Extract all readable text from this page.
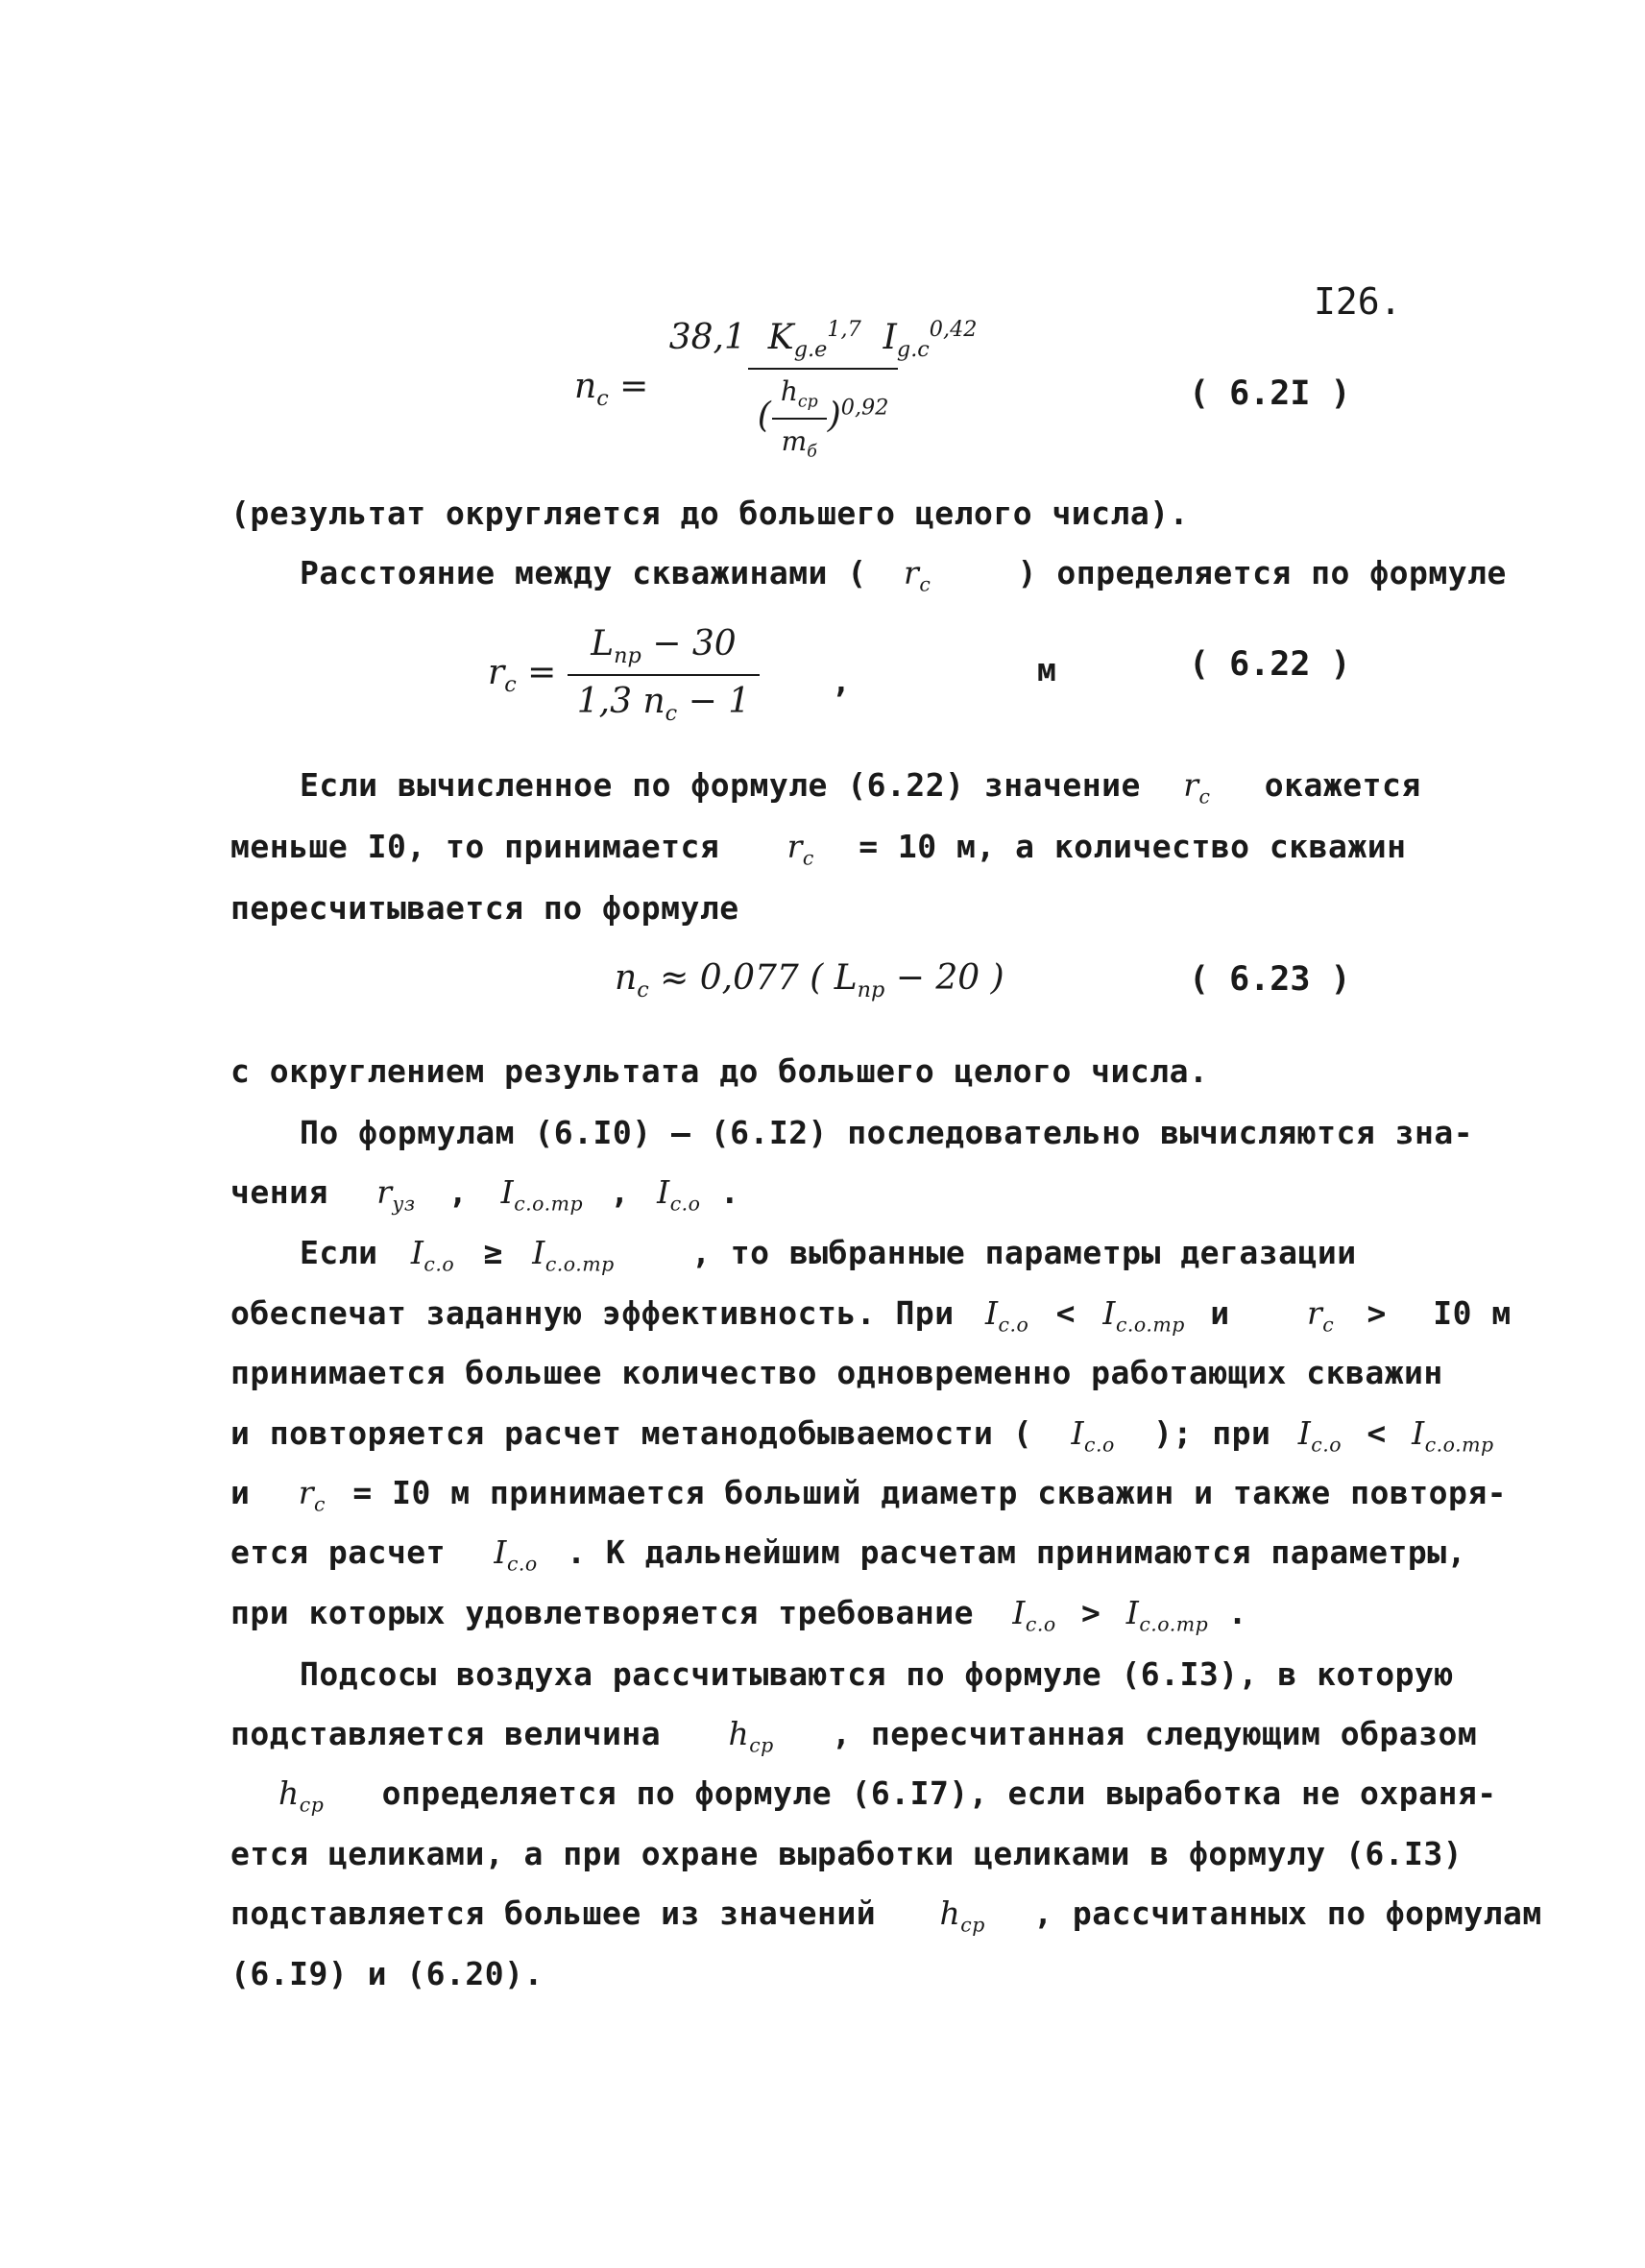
I26.
$n_c = \frac{38,1 K_{g.e}^{1,7} I_{g.c}^{0,42}}{( \frac{h_{cp}}{m_б} )^{0,92}}$	( 6.2I )
(результат округляется до большего целого числа).
Расстояние между скважинами ( $r_c$	) определяется по формуле
$r_c = \frac{L_{np} - 30}{1,3 n_c - 1}$ ,	м	( 6.22 )
Если вычисленное по формуле (6.22) значение $r_c$ окажется
меньше I0, то принимается $r_c = 10$ м, а количество скважин
пересчитывается по формуле
$n_c \approx 0,077$ ( $L_{np} - 20$ )	( 6.23 )
с округлением результата до большего целого числа.
По формулам (6.I0) – (6.I2) последовательно вычисляются зна-
чения $r_{уз}$ , $I_{c.o.тр}$ , $I_{c.o}$ .
Если $I_{c.o} \ge I_{c.o.тр}$ , то выбранные параметры дегазации
обеспечат заданную эффективность. При $I_{c.o} < I_{c.o.тр}$ и $r_c > I0$ м
принимается большее количество одновременно работающих скважин
и повторяется расчет метанодобываемости ( $I_{c.o}$ ); при $I_{c.o} < I_{c.o.тр}$
и $r_c = I0$ м принимается больший диаметр скважин и также повторя-
ется расчет $I_{c.o}$ . К дальнейшим расчетам принимаются параметры,
при которых удовлетворяется требование $I_{c.o} > I_{c.o.тр}$ .
Подсосы воздуха рассчитываются по формуле (6.I3), в которую
подставляется величина $h_{cp}$ , пересчитанная следующим образом
$h_{cp}$ определяется по формуле (6.I7), если выработка не охраня-
ется целиками, а при охране выработки целиками в формулу (6.I3)
подставляется большее из значений $h_{cp}$ , рассчитанных по формулам
(6.I9) и (6.20).
